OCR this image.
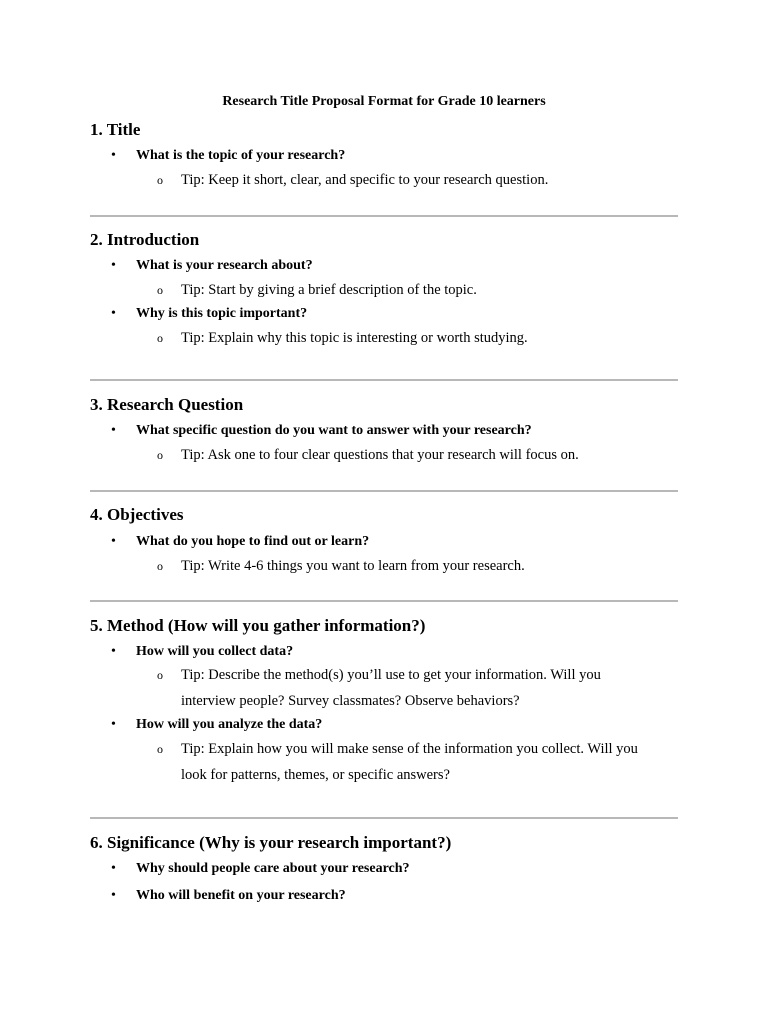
Research Title Proposal Format for Grade 10 learners
1. Title
• What is the topic of your research?
o Tip: Keep it short, clear, and specific to your research question.
2. Introduction
• What is your research about?
o Tip: Start by giving a brief description of the topic.
• Why is this topic important?
o Tip: Explain why this topic is interesting or worth studying.
3. Research Question
• What specific question do you want to answer with your research?
o Tip: Ask one to four clear questions that your research will focus on.
4. Objectives
• What do you hope to find out or learn?
o Tip: Write 4-6 things you want to learn from your research.
5. Method (How will you gather information?)
• How will you collect data?
o Tip: Describe the method(s) you’ll use to get your information. Will you interview people? Survey classmates? Observe behaviors?
• How will you analyze the data?
o Tip: Explain how you will make sense of the information you collect. Will you look for patterns, themes, or specific answers?
6. Significance (Why is your research important?)
• Why should people care about your research?
• Who will benefit on your research?
